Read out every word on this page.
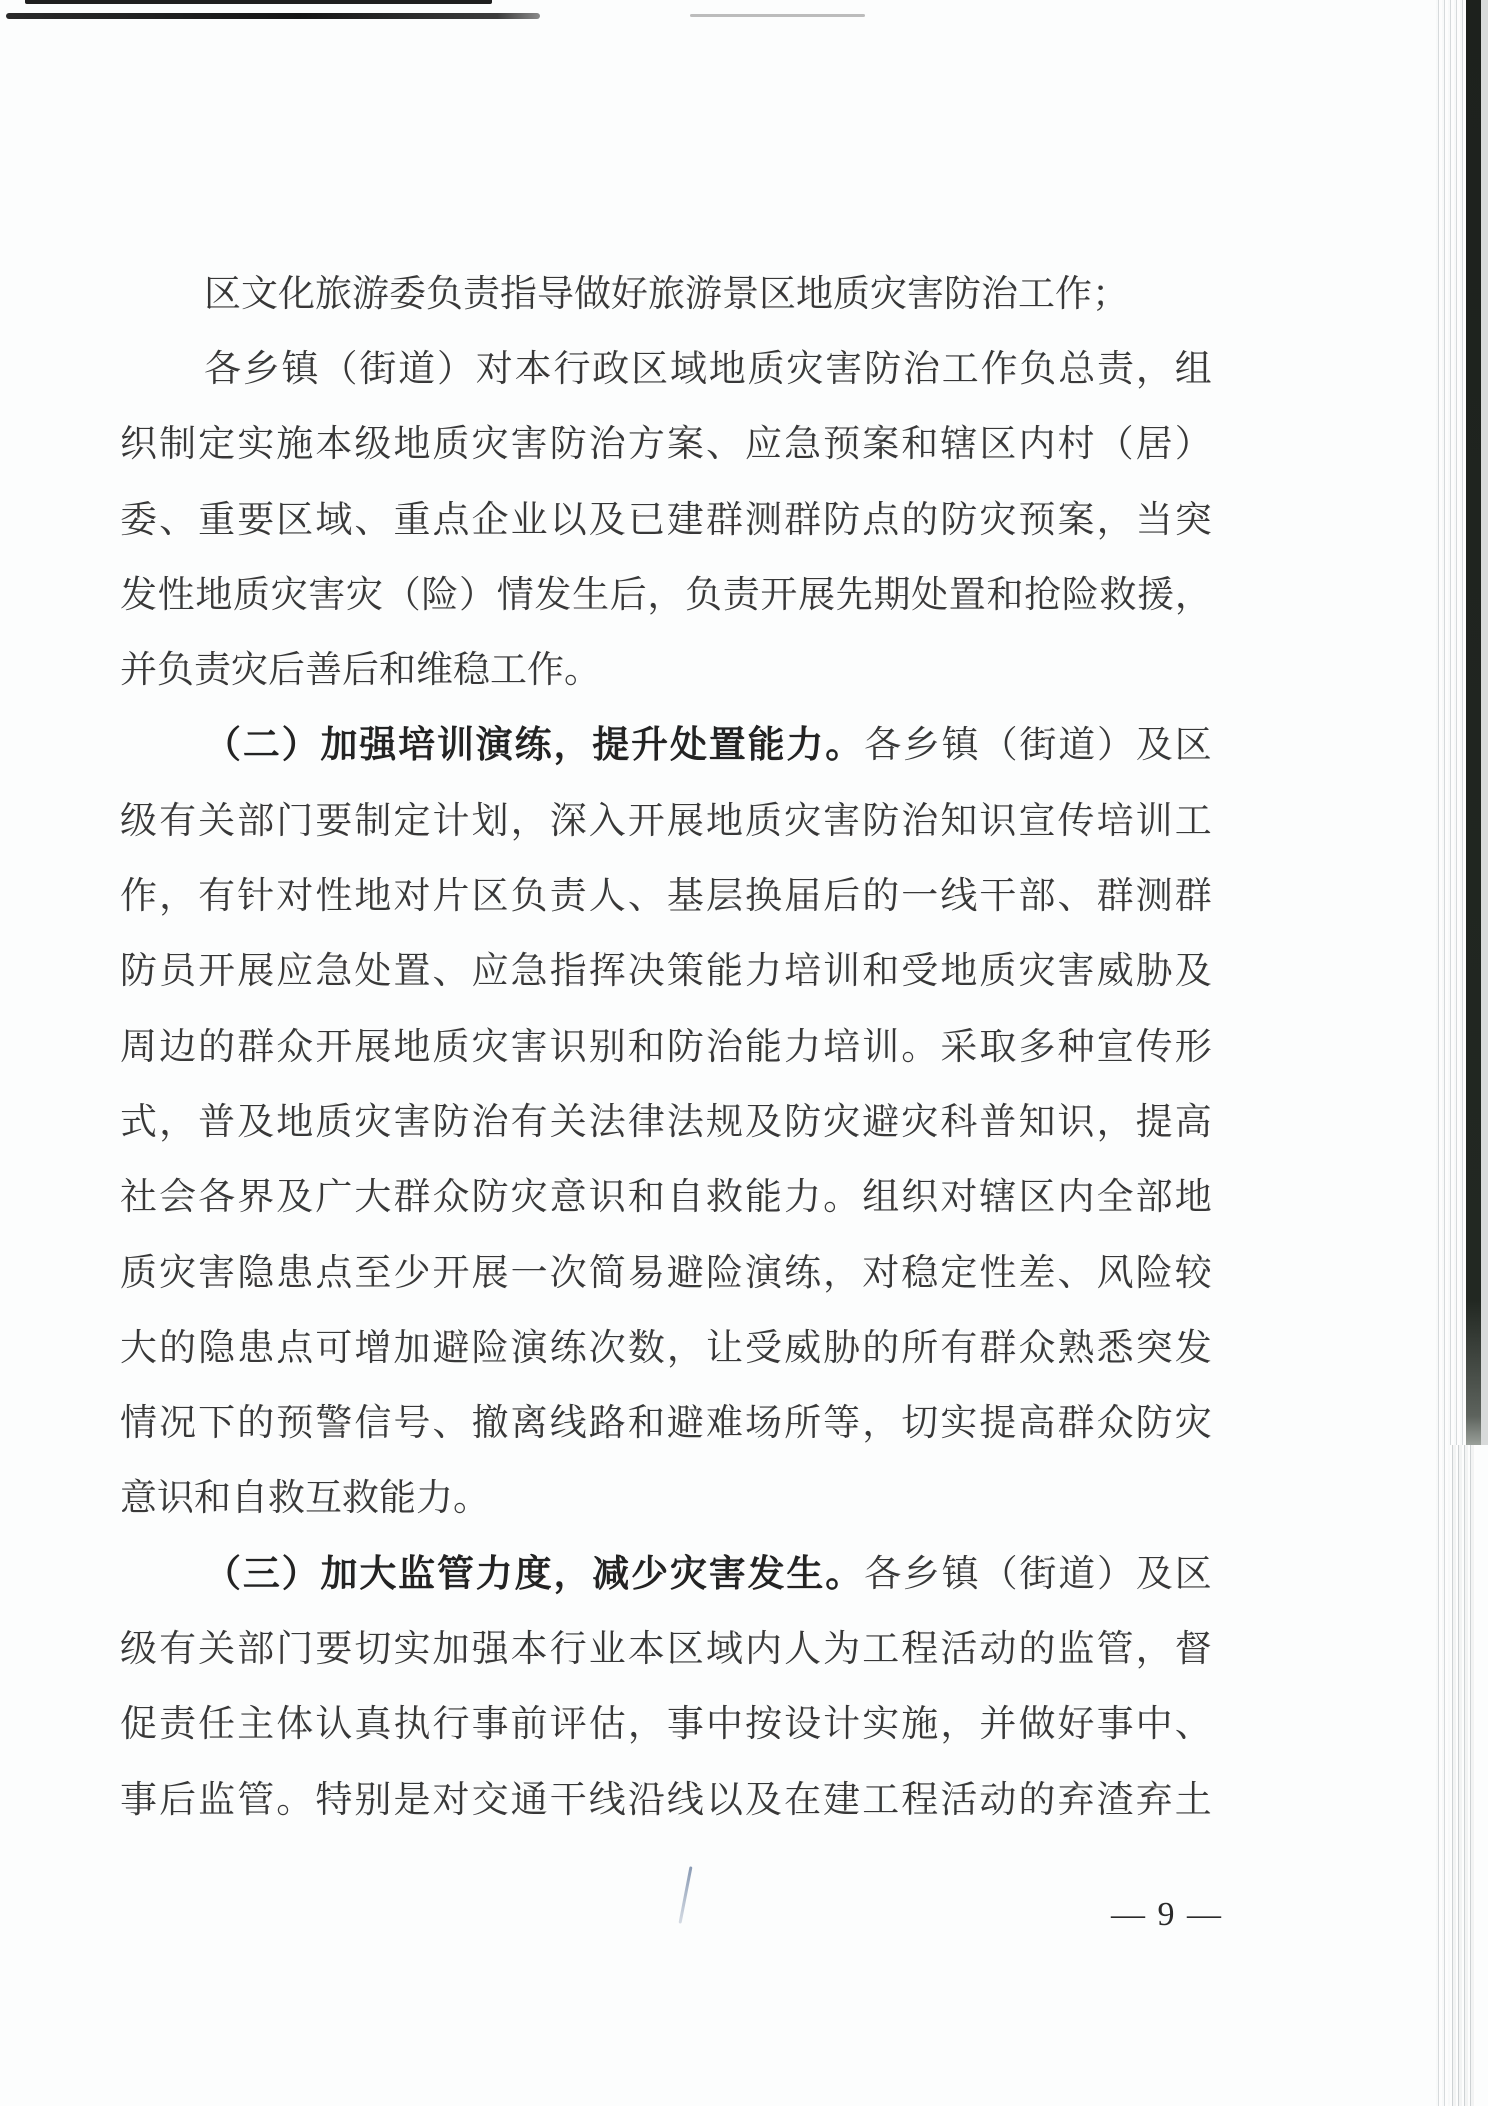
区 文 化 旅 游 委 负 责 指 导 做 好 旅 游 景 区 地 质 灾 害 防 治 工 作 ；
各 乡 镇 （ 街 道 ） 对 本 行 政 区 域 地 质 灾 害 防 治 工 作 负 总 责 ， 组
织 制 定 实 施 本 级 地 质 灾 害 防 治 方 案 、 应 急 预 案 和 辖 区 内 村 （ 居 ）
委 、 重 要 区 域 、 重 点 企 业 以 及 已 建 群 测 群 防 点 的 防 灾 预 案 ， 当 突
发 性 地 质 灾 害 灾 （ 险 ） 情 发 生 后 ， 负 责 开 展 先 期 处 置 和 抢 险 救 援 ，
并 负 责 灾 后 善 后 和 维 稳 工 作 。
（ 二 ） 加 强 培 训 演 练 ， 提 升 处 置 能 力 。 各 乡 镇 （ 街 道 ） 及 区
级 有 关 部 门 要 制 定 计 划 ， 深 入 开 展 地 质 灾 害 防 治 知 识 宣 传 培 训 工
作 ， 有 针 对 性 地 对 片 区 负 责 人 、 基 层 换 届 后 的 一 线 干 部 、 群 测 群
防 员 开 展 应 急 处 置 、 应 急 指 挥 决 策 能 力 培 训 和 受 地 质 灾 害 威 胁 及
周 边 的 群 众 开 展 地 质 灾 害 识 别 和 防 治 能 力 培 训 。 采 取 多 种 宣 传 形
式 ， 普 及 地 质 灾 害 防 治 有 关 法 律 法 规 及 防 灾 避 灾 科 普 知 识 ， 提 高
社 会 各 界 及 广 大 群 众 防 灾 意 识 和 自 救 能 力 。 组 织 对 辖 区 内 全 部 地
质 灾 害 隐 患 点 至 少 开 展 一 次 简 易 避 险 演 练 ， 对 稳 定 性 差 、 风 险 较
大 的 隐 患 点 可 增 加 避 险 演 练 次 数 ， 让 受 威 胁 的 所 有 群 众 熟 悉 突 发
情 况 下 的 预 警 信 号 、 撤 离 线 路 和 避 难 场 所 等 ， 切 实 提 高 群 众 防 灾
意 识 和 自 救 互 救 能 力 。
（ 三 ） 加 大 监 管 力 度 ， 减 少 灾 害 发 生 。 各 乡 镇 （ 街 道 ） 及 区
级 有 关 部 门 要 切 实 加 强 本 行 业 本 区 域 内 人 为 工 程 活 动 的 监 管 ， 督
促 责 任 主 体 认 真 执 行 事 前 评 估 ， 事 中 按 设 计 实 施 ， 并 做 好 事 中 、
事 后 监 管 。 特 别 是 对 交 通 干 线 沿 线 以 及 在 建 工 程 活 动 的 弃 渣 弃 土
— 9 —
